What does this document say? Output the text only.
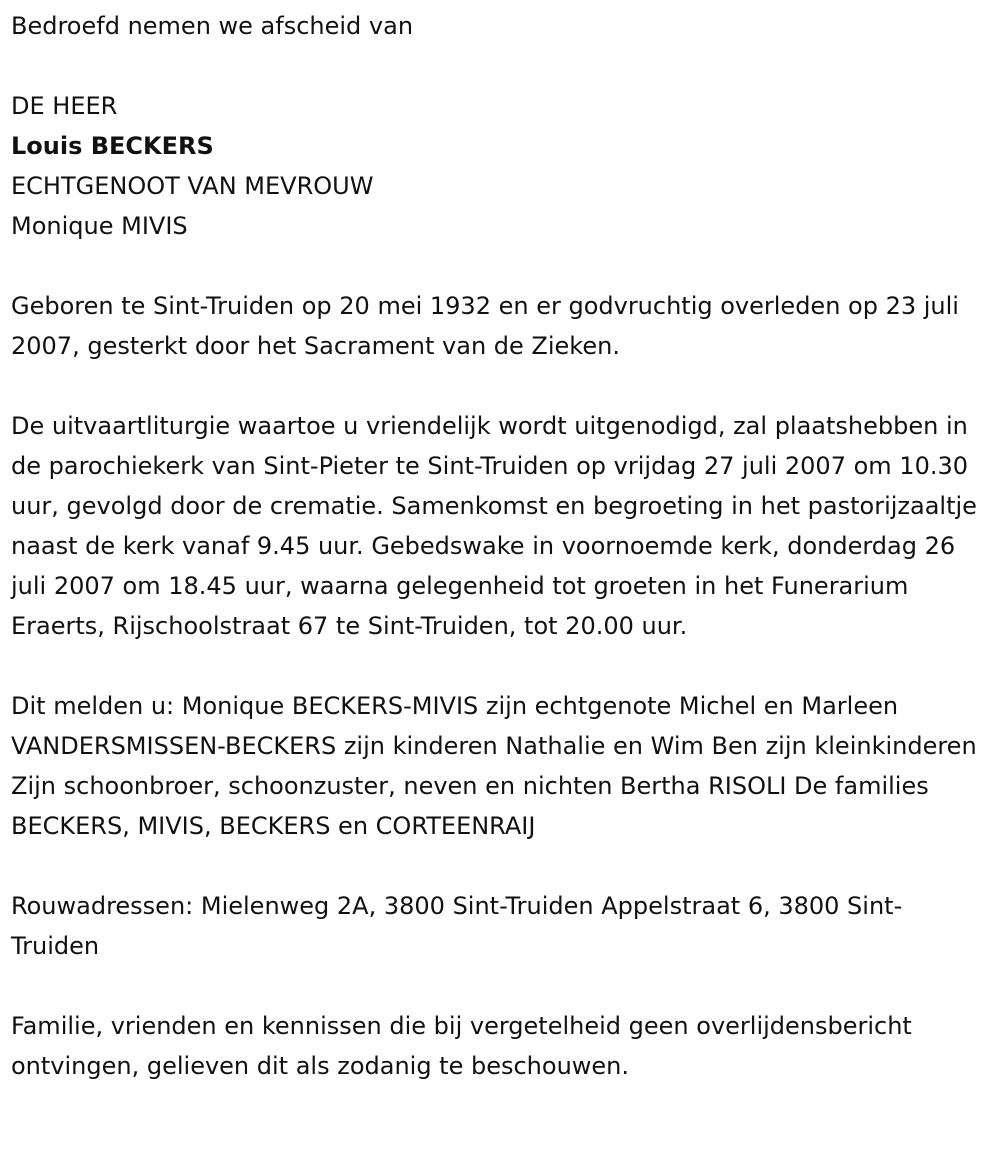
Bedroefd nemen we afscheid van

DE HEER

Louis BECKERS

ECHTGENOOT VAN MEVROUW

Monique MIVIS

Geboren te Sint-Truiden op 20 mei 1932 en er godvruchtig overleden op 23 juli 2007, gesterkt door het Sacrament van de Zieken.

De uitvaartliturgie waartoe u vriendelijk wordt uitgenodigd, zal plaatshebben in de parochiekerk van Sint-Pieter te Sint-Truiden op vrijdag 27 juli 2007 om 10.30 uur, gevolgd door de crematie. Samenkomst en begroeting in het pastorijzaaltje naast de kerk vanaf 9.45 uur. Gebedswake in voornoemde kerk, donderdag 26 juli 2007 om 18.45 uur, waarna gelegenheid tot groeten in het Funerarium Eraerts, Rijschoolstraat 67 te Sint-Truiden, tot 20.00 uur.

Dit melden u: Monique BECKERS-MIVIS zijn echtgenote Michel en Marleen VANDERSMISSEN-BECKERS zijn kinderen Nathalie en Wim Ben zijn kleinkinderen Zijn schoonbroer, schoonzuster, neven en nichten Bertha RISOLI De families BECKERS, MIVIS, BECKERS en CORTEENRAIJ

Rouwadressen: Mielenweg 2A, 3800 Sint-Truiden Appelstraat 6, 3800 Sint-Truiden

Familie, vrienden en kennissen die bij vergetelheid geen overlijdensbericht ontvingen, gelieven dit als zodanig te beschouwen.
